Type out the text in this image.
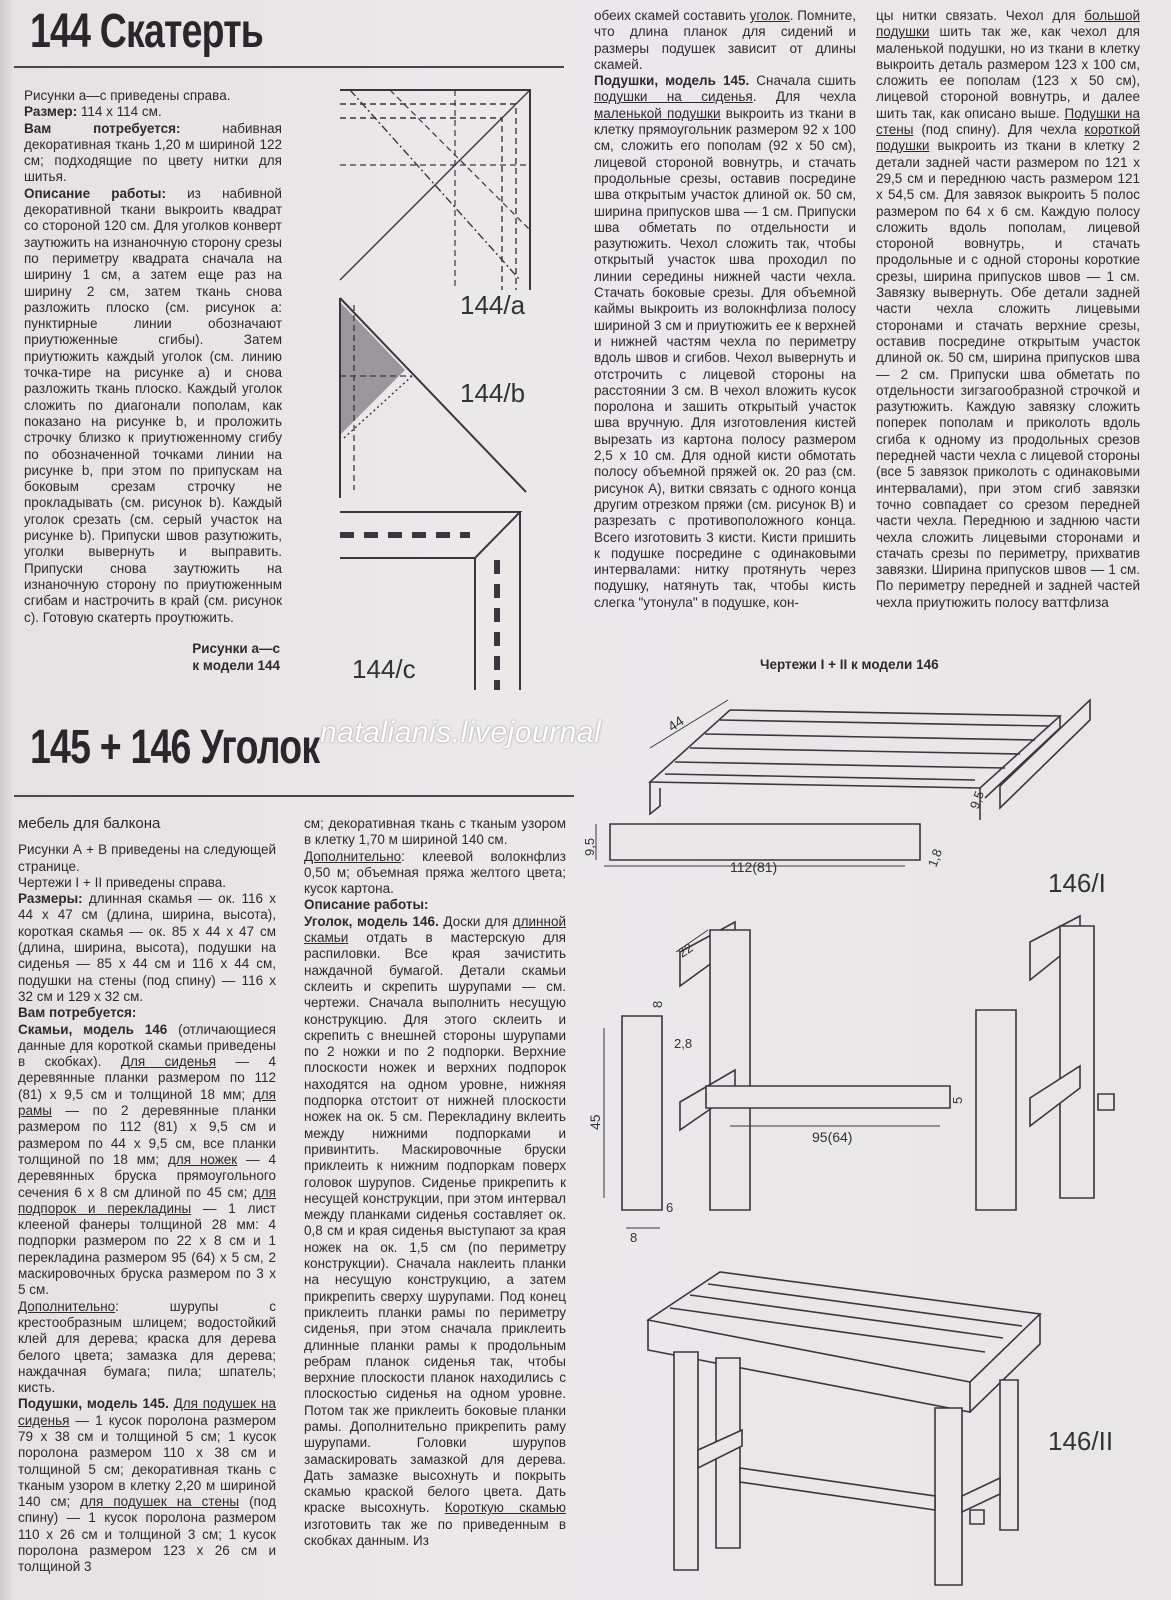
144 Скатерть

Рисунки a—c приведены справа.

Размер: 114 х 114 см.

Вам потребуется: набивная декоративная ткань 1,20 м шириной 122 см; подходящие по цвету нитки для шитья.

Описание работы: из набивной декоративной ткани выкроить квадрат со стороной 120 см. Для уголков конверт заутюжить на изнаночную сторону срезы по периметру квадрата сначала на ширину 1 см, а затем еще раз на ширину 2 см, затем ткань снова разложить плоско (см. рисунок a: пунктирные линии обозначают приутюженные сгибы). Затем приутюжить каждый уголок (см. линию точка-тире на рисунке a) и снова разложить ткань плоско. Каждый уголок сложить по диагонали пополам, как показано на рисунке b, и проложить строчку близко к приутюженному сгибу по обозначенной точками линии на рисунке b, при этом по припускам на боковым срезам строчку не прокладывать (см. рисунок b). Каждый уголок срезать (см. серый участок на рисунке b). Припуски швов разутюжить, уголки вывернуть и выправить. Припуски снова заутюжить на изнаночную сторону по приутюженным сгибам и настрочить в край (см. рисунок c). Готовую скатерть проутюжить.

Рисунки a—c
к модели 144
144/a
144/b
144/c
145 + 146 Уголок natalianis.livejournal

мебель для балкона

Рисунки А + В приведены на следующей странице.

Чертежи I + II приведены справа.

Размеры: длинная скамья — ок. 116 х 44 х 47 см (длина, ширина, высота), короткая скамья — ок. 85 х 44 х 47 см (длина, ширина, высота), подушки на сиденья — 85 х 44 см и 116 х 44 см, подушки на стены (под спину) — 116 х 32 см и 129 х 32 см.

Вам потребуется:

Скамьи, модель 146 (отличающиеся данные для короткой скамьи приведены в скобках). Для сиденья — 4 деревянные планки размером по 112 (81) х 9,5 см и толщиной 18 мм; для рамы — по 2 деревянные планки размером по 112 (81) х 9,5 см и размером по 44 х 9,5 см, все планки толщиной по 18 мм; для ножек — 4 деревянных бруска прямоугольного сечения 6 х 8 см длиной по 45 см; для подпорок и перекладины — 1 лист клееной фанеры толщиной 28 мм: 4 подпорки размером по 22 х 8 см и 1 перекладина размером 95 (64) х 5 см, 2 маскировочных бруска размером по 3 х 5 см.

Дополнительно: шурупы с крестообразным шлицем; водостойкий клей для дерева; краска для дерева белого цвета; замазка для дерева; наждачная бумага; пила; шпатель; кисть.

Подушки, модель 145. Для подушек на сиденья — 1 кусок поролона размером 79 х 38 см и толщиной 5 см; 1 кусок поролона размером 110 х 38 см и толщиной 5 см; декоративная ткань с тканым узором в клетку 2,20 м шириной 140 см; для подушек на стены (под спину) — 1 кусок поролона размером 110 х 26 см и толщиной 3 см; 1 кусок поролона размером 123 х 26 см и толщиной 3

см; декоративная ткань с тканым узором в клетку 1,70 м шириной 140 см.

Дополнительно: клеевой волокнфлиз 0,50 м; объемная пряжа желтого цвета; кусок картона.

Описание работы:

Уголок, модель 146. Доски для длинной скамьи отдать в мастерскую для распиловки. Все края зачистить наждачной бумагой. Детали скамьи склеить и скрепить шурупами — см. чертежи. Сначала выполнить несущую конструкцию. Для этого склеить и скрепить с внешней стороны шурупами по 2 ножки и по 2 подпорки. Верхние плоскости ножек и верхних подпорок находятся на одном уровне, нижняя подпорка отстоит от нижней плоскости ножек на ок. 5 см. Перекладину вклеить между нижними подпорками и привинтить. Маскировочные бруски приклеить к нижним подпоркам поверх головок шурупов. Сиденье прикрепить к несущей конструкции, при этом интервал между планками сиденья составляет ок. 0,8 см и края сиденья выступают за края ножек на ок. 1,5 см (по периметру конструкции). Сначала наклеить планки на несущую конструкцию, а затем прикрепить сверху шурупами. Под конец приклеить планки рамы по периметру сиденья, при этом сначала приклеить длинные планки рамы к продольным ребрам планок сиденья так, чтобы верхние плоскости планок находились с плоскостью сиденья на одном уровне. Потом так же приклеить боковые планки рамы. Дополнительно прикрепить раму шурупами. Головки шурупов замаскировать замазкой для дерева. Дать замазке высохнуть и покрыть скамью краской белого цвета. Дать краске высохнуть. Короткую скамью изготовить так же по приведенным в скобках данным. Из

обеих скамей составить уголок. Помните, что длина планок для сидений и размеры подушек зависит от длины скамей.

Подушки, модель 145. Сначала сшить подушки на сиденья. Для чехла маленькой подушки выкроить из ткани в клетку прямоугольник размером 92 х 100 см, сложить его пополам (92 х 50 см), лицевой стороной вовнутрь, и стачать продольные срезы, оставив посредине шва открытым участок длиной ок. 50 см, ширина припусков шва — 1 см. Припуски шва обметать по отдельности и разутюжить. Чехол сложить так, чтобы открытый участок шва проходил по линии середины нижней части чехла. Стачать боковые срезы. Для объемной каймы выкроить из волокнфлиза полосу шириной 3 см и приутюжить ее к верхней и нижней частям чехла по периметру вдоль швов и сгибов. Чехол вывернуть и отстрочить с лицевой стороны на расстоянии 3 см. В чехол вложить кусок поролона и зашить открытый участок шва вручную. Для изготовления кистей вырезать из картона полосу размером 2,5 х 10 см. Для одной кисти обмотать полосу объемной пряжей ок. 20 раз (см. рисунок А), витки связать с одного конца другим отрезком пряжи (см. рисунок В) и разрезать с противоположного конца. Всего изготовить 3 кисти. Кисти пришить к подушке посредине с одинаковыми интервалами: нитку протянуть через подушку, натянуть так, чтобы кисть слегка "утонула" в подушке, кон-

цы нитки связать. Чехол для большой подушки шить так же, как чехол для маленькой подушки, но из ткани в клетку выкроить деталь размером 123 х 100 см, сложить ее пополам (123 х 50 см), лицевой стороной вовнутрь, и далее шить так, как описано выше. Подушки на стены (под спину). Для чехла короткой подушки выкроить из ткани в клетку 2 детали задней части размером по 121 х 29,5 см и переднюю часть размером 121 х 54,5 см. Для завязок выкроить 5 полос размером по 64 х 6 см. Каждую полосу сложить вдоль пополам, лицевой стороной вовнутрь, и стачать продольные и с одной стороны короткие срезы, ширина припусков швов — 1 см. Завязку вывернуть. Обе детали задней части чехла сложить лицевыми сторонами и стачать верхние срезы, оставив посредине открытым участок длиной ок. 50 см, ширина припусков шва — 2 см. Припуски шва обметать по отдельности зигзагообразной строчкой и разутюжить. Каждую завязку сложить поперек пополам и приколоть вдоль сгиба к одному из продольных срезов передней части чехла с лицевой стороны (все 5 завязок приколоть с одинаковыми интервалами), при этом сгиб завязки точно совпадает со срезом передней части чехла. Переднюю и заднюю части чехла сложить лицевыми сторонами и стачать срезы по периметру, прихватив завязки. Ширина припусков швов — 1 см. По периметру передней и задней частей чехла приутюжить полосу ваттфлиза

Чертежи I + II к модели 146
44
9,5
9,5
112(81)	1,8
22
8
2,8
45
8
6
95(64)
5
146/I
146/II
